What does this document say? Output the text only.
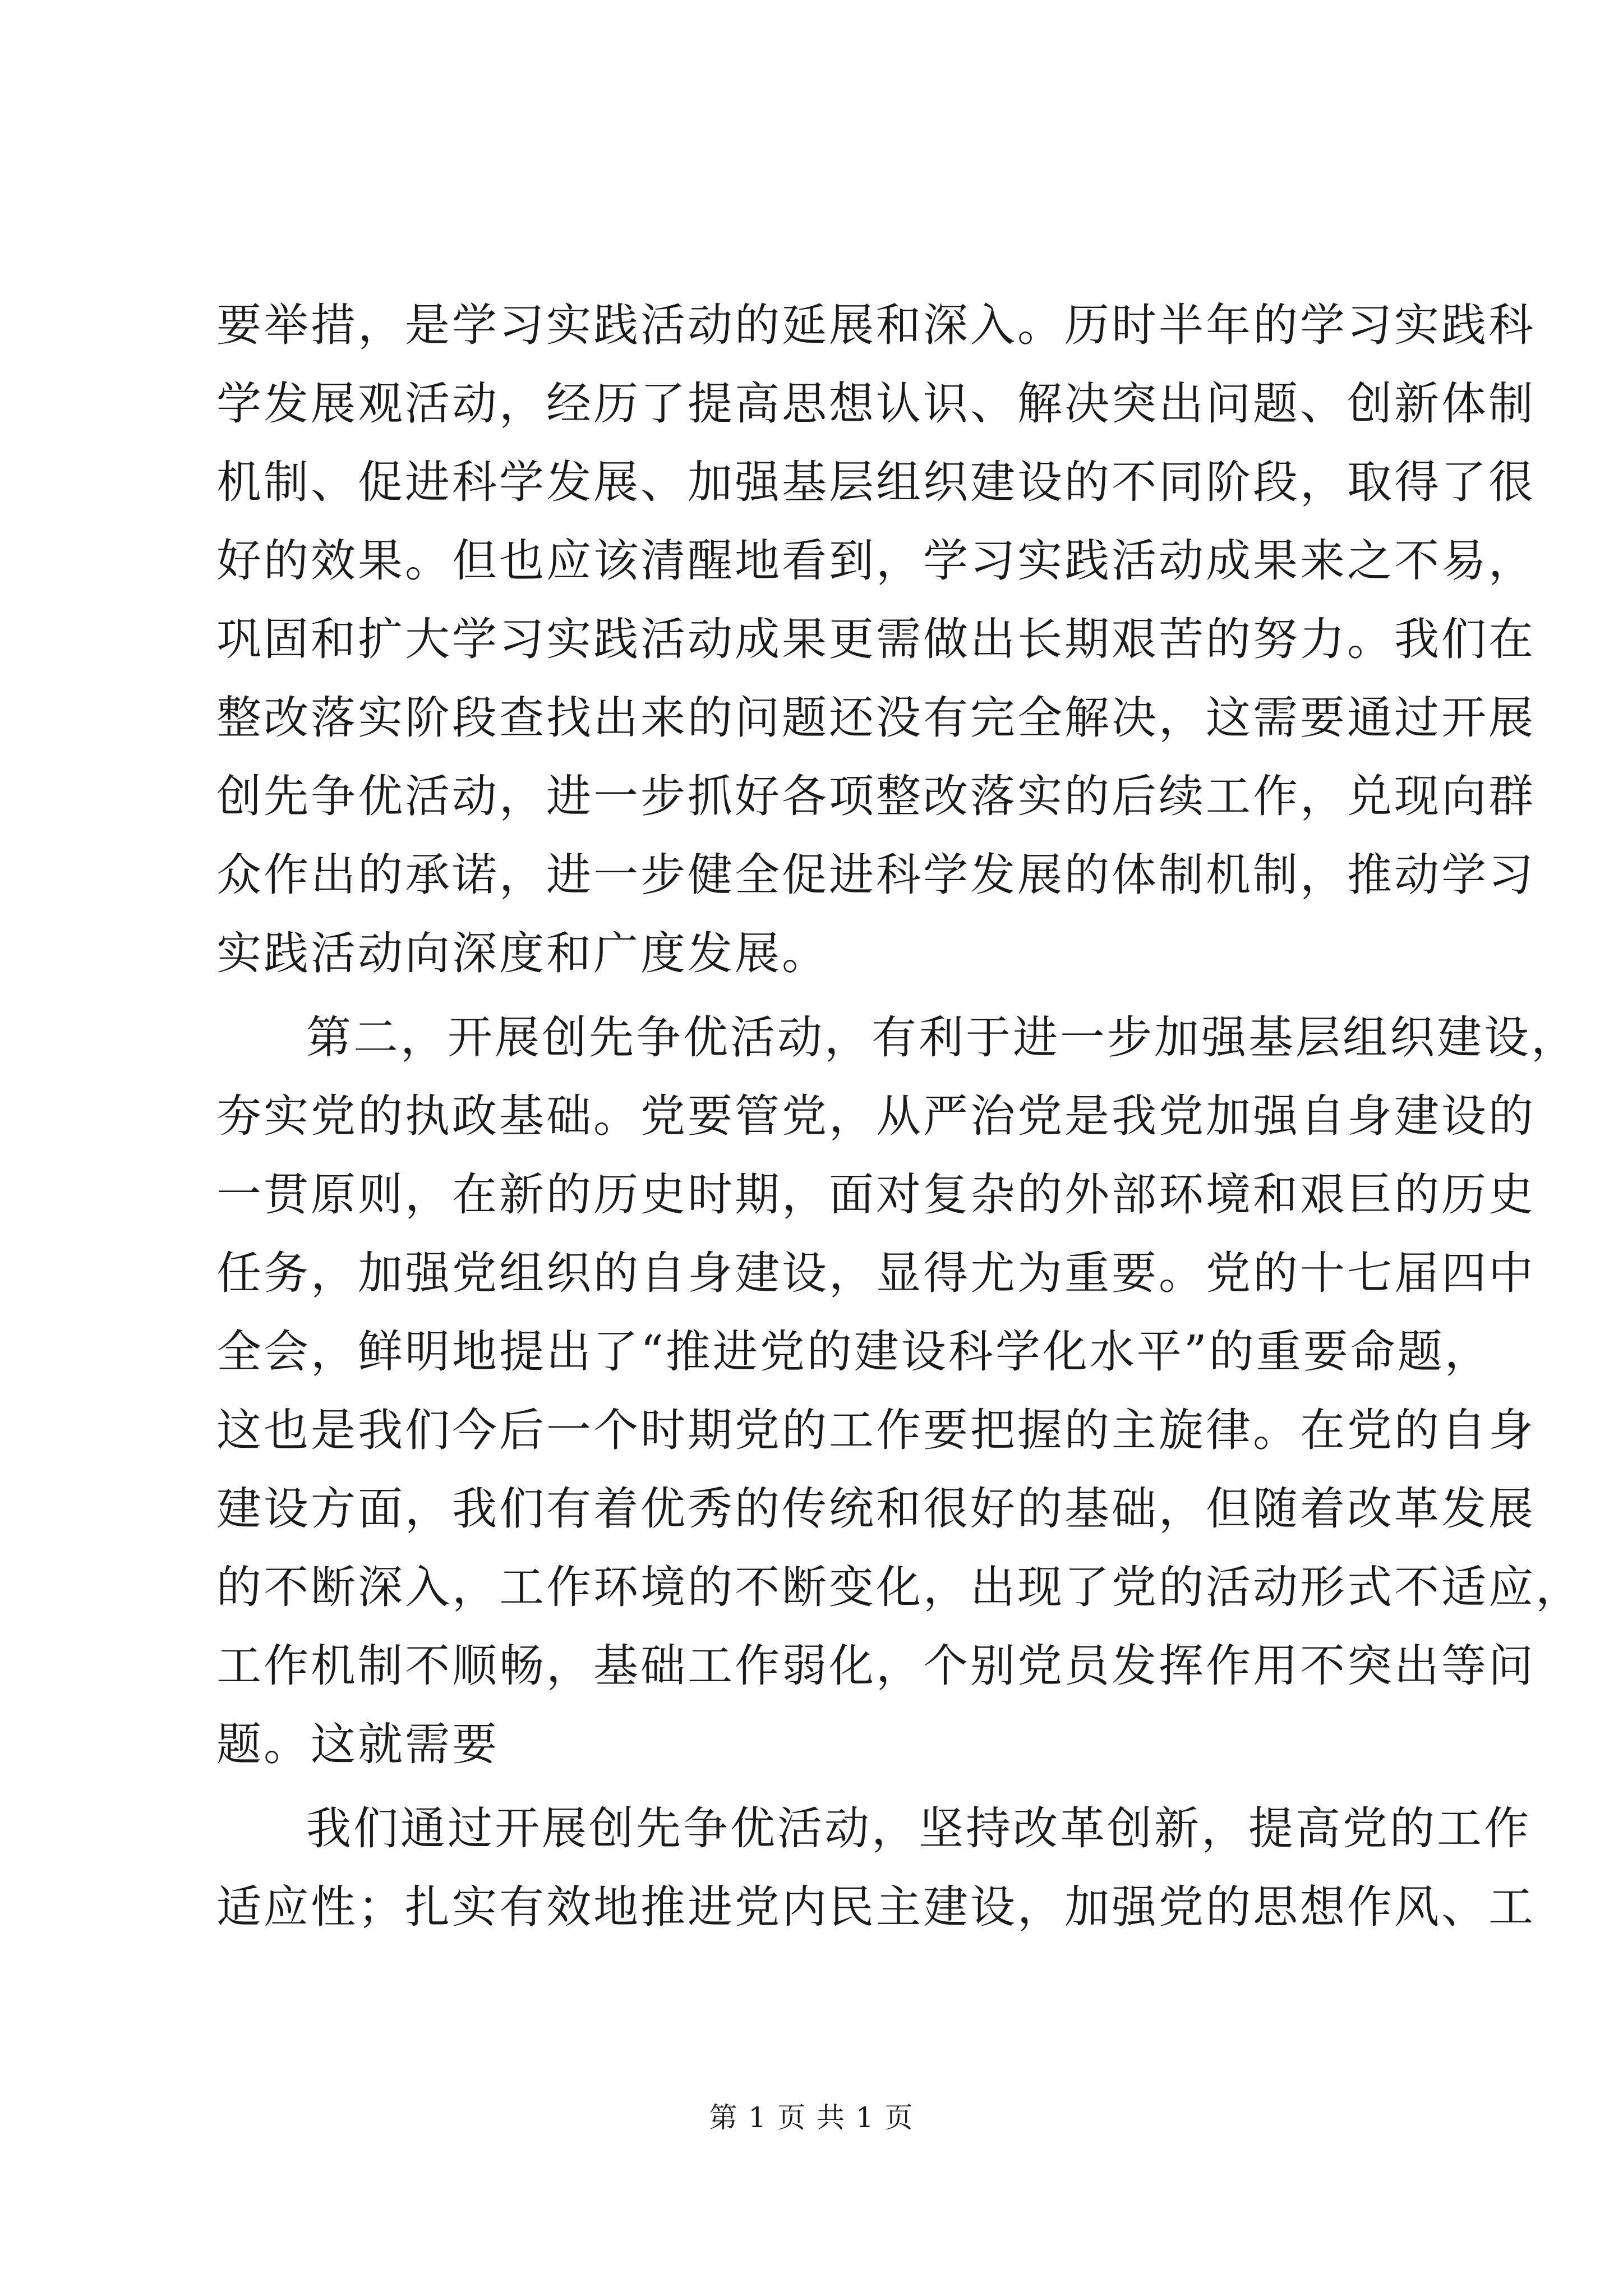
要举措，是学习实践活动的延展和深入。历时半年的学习实践科
学发展观活动，经历了提高思想认识、解决突出问题、创新体制
机制、促进科学发展、加强基层组织建设的不同阶段，取得了很
好的效果。但也应该清醒地看到，学习实践活动成果来之不易，
巩固和扩大学习实践活动成果更需做出长期艰苦的努力。我们在
整改落实阶段查找出来的问题还没有完全解决，这需要通过开展
创先争优活动，进一步抓好各项整改落实的后续工作，兑现向群
众作出的承诺，进一步健全促进科学发展的体制机制，推动学习
实践活动向深度和广度发展。
第二，开展创先争优活动，有利于进一步加强基层组织建设，
夯实党的执政基础。党要管党，从严治党是我党加强自身建设的
一贯原则，在新的历史时期，面对复杂的外部环境和艰巨的历史
任务，加强党组织的自身建设，显得尤为重要。党的十七届四中
全会，鲜明地提出了“推进党的建设科学化水平”的重要命题，
这也是我们今后一个时期党的工作要把握的主旋律。在党的自身
建设方面，我们有着优秀的传统和很好的基础，但随着改革发展
的不断深入，工作环境的不断变化，出现了党的活动形式不适应，
工作机制不顺畅，基础工作弱化，个别党员发挥作用不突出等问
题。这就需要
我们通过开展创先争优活动，坚持改革创新，提高党的工作
适应性；扎实有效地推进党内民主建设，加强党的思想作风、工
第 1 页 共 1 页
